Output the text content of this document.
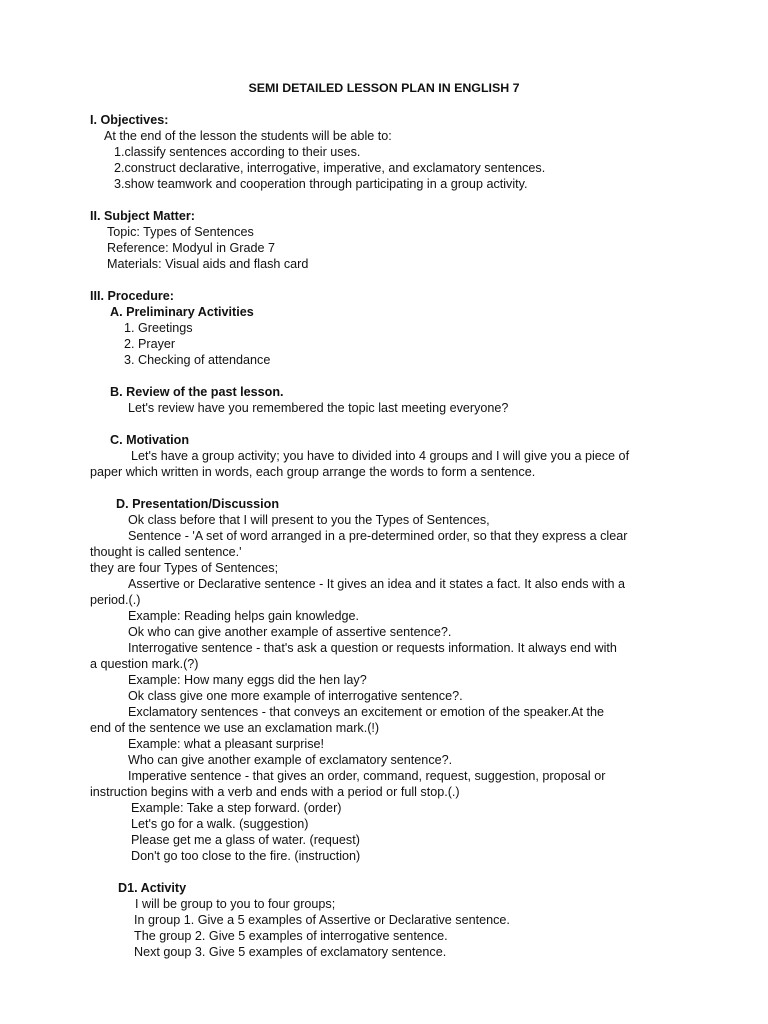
SEMI DETAILED LESSON PLAN IN ENGLISH 7
I. Objectives:
At the end of the lesson the students will be able to:
1.classify sentences according to their uses.
2.construct declarative, interrogative, imperative, and exclamatory sentences.
3.show teamwork and cooperation through participating in a group activity.
II. Subject Matter:
Topic: Types of Sentences
Reference: Modyul in Grade 7
Materials: Visual aids and flash card
III. Procedure:
A. Preliminary Activities
1. Greetings
2. Prayer
3. Checking of attendance
B. Review of the past lesson.
Let's review have you remembered the topic last meeting everyone?
C. Motivation
Let's have a group activity; you have to divided into 4 groups and I will give you a piece of
paper which written in words, each group arrange the words to form a sentence.
D. Presentation/Discussion
Ok class before that I will present to you the Types of Sentences,
Sentence - 'A set of word arranged in a pre-determined order, so that they express a clear
thought is called sentence.'
they are four Types of Sentences;
Assertive or Declarative sentence - It gives an idea and it states a fact. It also ends with a
period.(.)
Example: Reading helps gain knowledge.
Ok who can give another example of assertive sentence?.
Interrogative sentence - that's ask a question or requests information. It always end with
a question mark.(?)
Example: How many eggs did the hen lay?
Ok class give one more example of interrogative sentence?.
Exclamatory sentences - that conveys an excitement or emotion of the speaker.At the
end of the sentence we use an exclamation mark.(!)
Example: what a pleasant surprise!
Who can give another example of exclamatory sentence?.
Imperative sentence - that gives an order, command, request, suggestion, proposal or
instruction begins with a verb and ends with a period or full stop.(.)
Example: Take a step forward. (order)
Let's go for a walk. (suggestion)
Please get me a glass of water. (request)
Don't go too close to the fire. (instruction)
D1. Activity
I will be group to you to four groups;
In group 1. Give a 5 examples of Assertive or Declarative sentence.
The group 2. Give 5 examples of interrogative sentence.
Next goup 3. Give 5 examples of exclamatory sentence.
